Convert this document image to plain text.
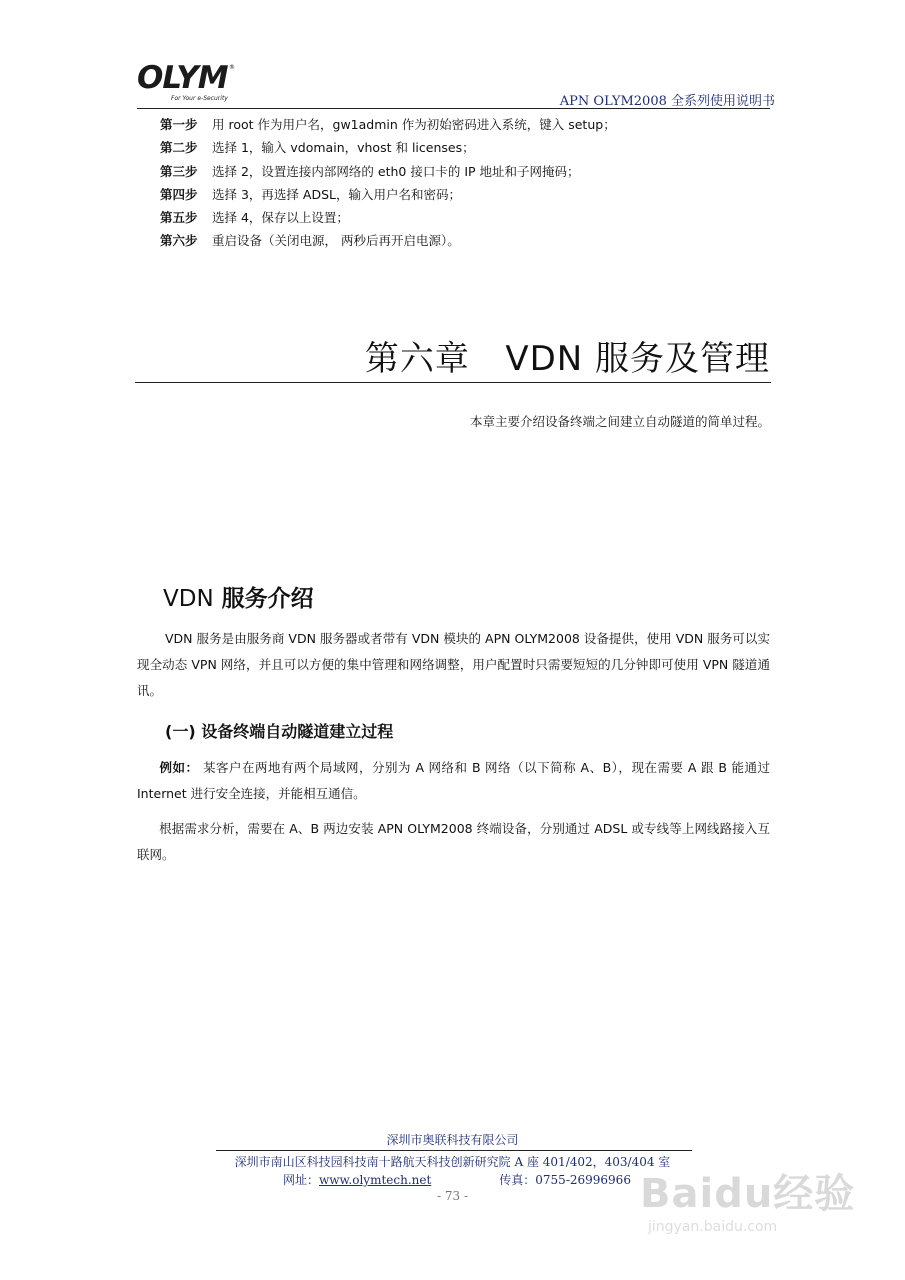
OLYM ®
For Your e-Security	APN OLYM2008 全系列使用说明书
第一步 用 root 作为用户名，gw1admin 作为初始密码进入系统，键入 setup；
第二步 选择 1，输入 vdomain，vhost 和 licenses；
第三步 选择 2，设置连接内部网络的 eth0 接口卡的 IP 地址和子网掩码；
第四步 选择 3，再选择 ADSL，输入用户名和密码；
第五步 选择 4，保存以上设置；
第六步 重启设备（关闭电源， 两秒后再开启电源）。
第六章   VDN 服务及管理
本章主要介绍设备终端之间建立自动隧道的简单过程。
VDN 服务介绍
VDN 服务是由服务商 VDN 服务器或者带有 VDN 模块的 APN OLYM2008 设备提供，使用 VDN 服务可以实现全动态 VPN 网络，并且可以方便的集中管理和网络调整，用户配置时只需要短短的几分钟即可使用 VPN 隧道通讯。
(一) 设备终端自动隧道建立过程
例如： 某客户在两地有两个局域网，分别为 A 网络和 B 网络（以下简称 A、B），现在需要 A 跟 B 能通过 Internet 进行安全连接，并能相互通信。
根据需求分析，需要在 A、B 两边安装 APN OLYM2008 终端设备，分别通过 ADSL 或专线等上网线路接入互联网。
深圳市奥联科技有限公司
深圳市南山区科技园科技南十路航天科技创新研究院 A 座 401/402，403/404 室
网址：www.olymtech.net	传真：0755-26996966
- 73 -	Baidu经验
jingyan.baidu.com
